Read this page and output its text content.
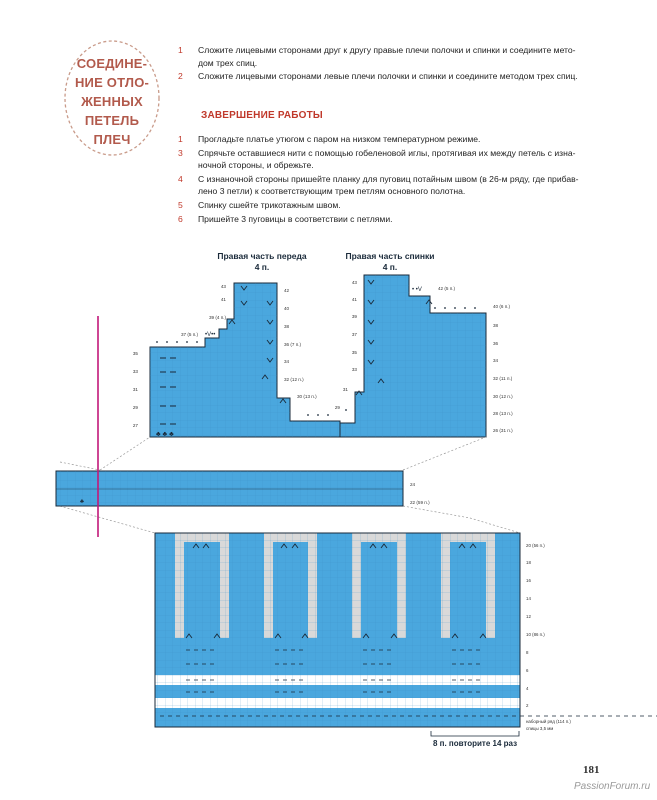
СОЕДИНЕ-
НИЕ ОТЛО-
ЖЕННЫХ
ПЕТЕЛЬ
ПЛЕЧ
1	Сложите лицевыми сторонами друг к другу правые плечи полочки и спинки и соедините мето-
дом трех спиц.
2	Сложите лицевыми сторонами левые плечи полочки и спинки и соедините методом трех спиц.
ЗАВЕРШЕНИЕ РАБОТЫ
1	Прогладьте платье утюгом с паром на низком температурном режиме.
3	Спрячьте оставшиеся нити с помощью гобеленовой иглы, протягивая их между петель с изна-
ночной стороны, и обрежьте.
4	С изнаночной стороны пришейте планку для пуговиц потайным швом (в 26-м ряду, где прибав-
лено 3 петли) к соответствующим трем петлям основного полотна.
5	Спинку сшейте трикотажным швом.
6	Пришейте 3 пуговицы в соответствии с петлями.
♣ ♣ ♣
•V••
• •V
Правая часть переда
4 п.
Правая часть спинки
4 п.
43
41
39 (4 п.)
37 (5 п.)
35
33
31
29
27
42
40
38
36 (7 п.)
34
32 (12 п.)
30 (13 п.)
43
41
39
37
35
33
31
29
42 (5 п.)
40 (6 п.)
38
36
34
32 (11 п.)
30 (12 п.)
28 (13 п.)
26 (31 п.)
♣
24
22 (59 п.)
20 (56 п.)
18
16
14
12
10 (86 п.)
8
6
4
2
наборный ряд (114 п.)
спицы 3,5 мм
8 п. повторите 14 раз
181
PassionForum.ru
